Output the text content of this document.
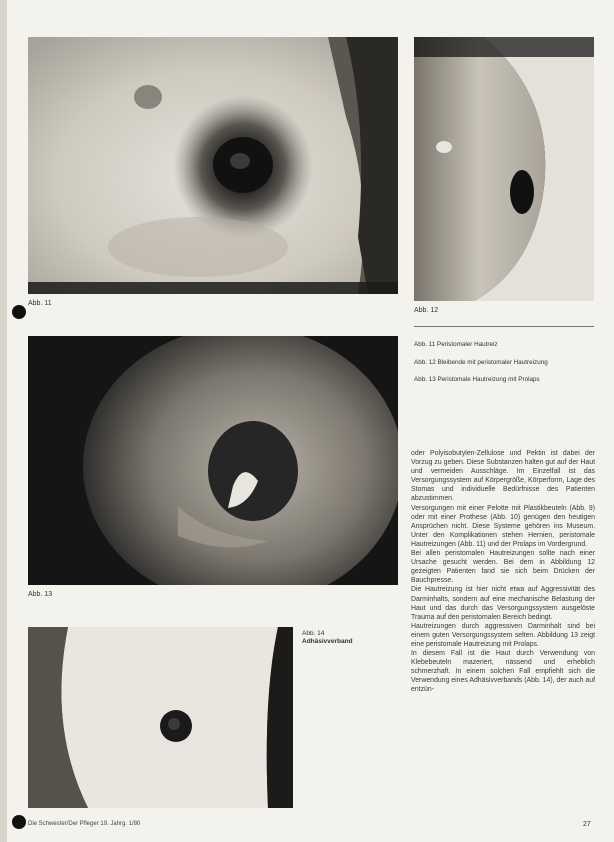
Abb. 11
Abb. 12
Abb. 11 Peristomaler Hautreiz
Abb. 12 Bleibende mit peristomaler Hautreizung
Abb. 13 Peristomale Hautreizung mit Prolaps
Abb. 13
Abb. 14
Adhäsivverband

oder Polyisobutylen-Zellulose und Pektin ist dabei der Vorzug zu geben. Diese Substanzen halten gut auf der Haut und vermeiden Ausschläge. Im Einzelfall ist das Versorgungssystem auf Körpergröße, Körperform, Lage des Stomas und individuelle Bedürfnisse des Patienten abzustimmen.

Versorgungen mit einer Pelotte mit Plastikbeuteln (Abb. 9) oder mit einer Prothese (Abb. 10) genügen den heutigen Ansprüchen nicht. Diese Systeme gehören ins Museum. Unter den Komplikationen stehen Hernien, peristomale Hautreizungen (Abb. 11) und der Prolaps im Vordergrund.

Bei allen peristomalen Hautreizungen sollte nach einer Ursache gesucht werden. Bei dem in Abbildung 12 gezeigten Patienten fand sie sich beim Drücken der Bauchpresse.

Die Hautreizung ist hier nicht etwa auf Aggressivität des Darminhalts, sondern auf eine mechanische Belastung der Haut und das durch das Versorgungssystem ausgelöste Trauma auf den peristomalen Bereich bedingt.

Hautreizungen durch aggressiven Darminhalt sind bei einem guten Versorgungssystem selten. Abbildung 13 zeigt eine peristomale Hautreizung mit Prolaps.

In diesem Fall ist die Haut durch Verwendung von Klebebeuteln mazeriert, nässend und erheblich schmerzhaft. In einem solchen Fall empfiehlt sich die Verwendung eines Adhäsivverbands (Abb. 14), der auch auf entzün-

Die Schwester/Der Pfleger 19. Jahrg. 1/80	27
